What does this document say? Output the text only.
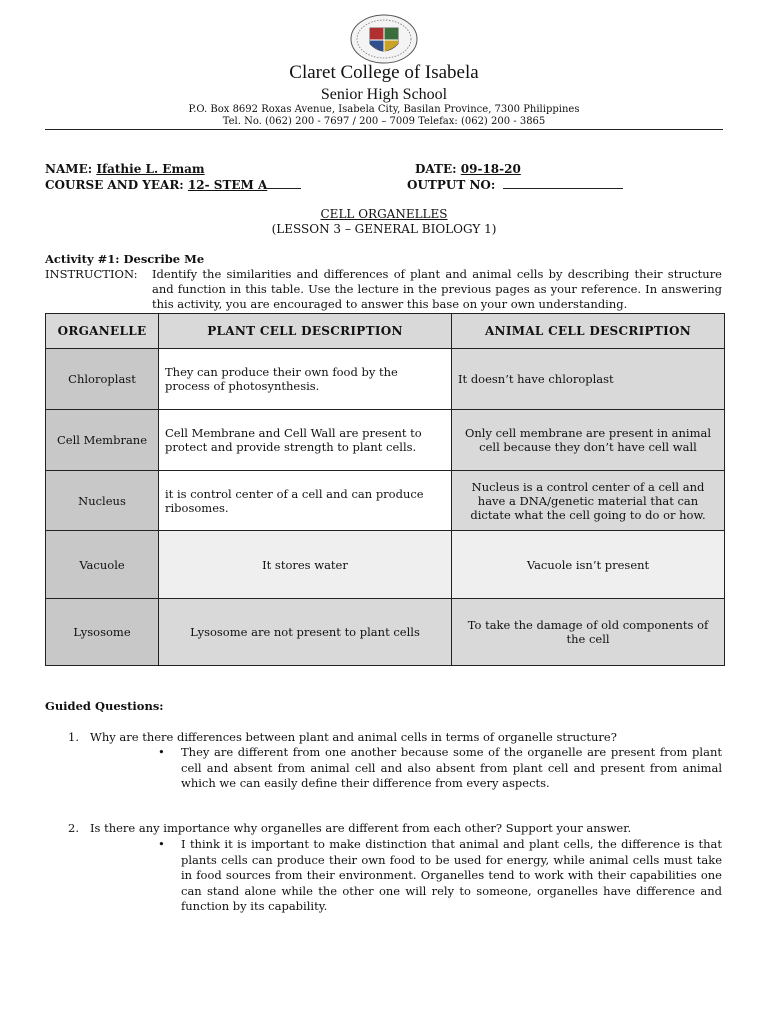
Claret College of Isabela
Senior High School
P.O. Box 8692 Roxas Avenue, Isabela City, Basilan Province, 7300 Philippines
Tel. No. (062) 200 - 7697 / 200 – 7009 Telefax: (062) 200 - 3865
NAME: Ifathie L. Emam	DATE: 09-18-20
COURSE AND YEAR: 12- STEM A	OUTPUT NO:
CELL ORGANELLES
(LESSON 3 – GENERAL BIOLOGY 1)
Activity #1: Describe Me
INSTRUCTION: Identify the similarities and differences of plant and animal cells by describing their structure and function in this table. Use the lecture in the previous pages as your reference. In answering this activity, you are encouraged to answer this base on your own understanding.
ORGANELLE	PLANT CELL DESCRIPTION	ANIMAL CELL DESCRIPTION
Chloroplast	They can produce their own food by the process of photosynthesis.	It doesn’t have chloroplast
Cell Membrane	Cell Membrane and Cell Wall are present to protect and provide strength to plant cells.	Only cell membrane are present in animal cell because they don’t have cell wall
Nucleus	it is control center of a cell and can produce ribosomes.	Nucleus is a control center of a cell and have a DNA/genetic material that can dictate what the cell going to do or how.
Vacuole	It stores water	Vacuole isn’t present
Lysosome	Lysosome are not present to plant cells	To take the damage of old components of the cell
Guided Questions:
1. Why are there differences between plant and animal cells in terms of organelle structure?
• They are different from one another because some of the organelle are present from plant cell and absent from animal cell and also absent from plant cell and present from animal which we can easily define their difference from every aspects.
2. Is there any importance why organelles are different from each other? Support your answer.
• I think it is important to make distinction that animal and plant cells, the difference is that plants cells can produce their own food to be used for energy, while animal cells must take in food sources from their environment. Organelles tend to work with their capabilities one can stand alone while the other one will rely to someone, organelles have difference and function by its capability.
